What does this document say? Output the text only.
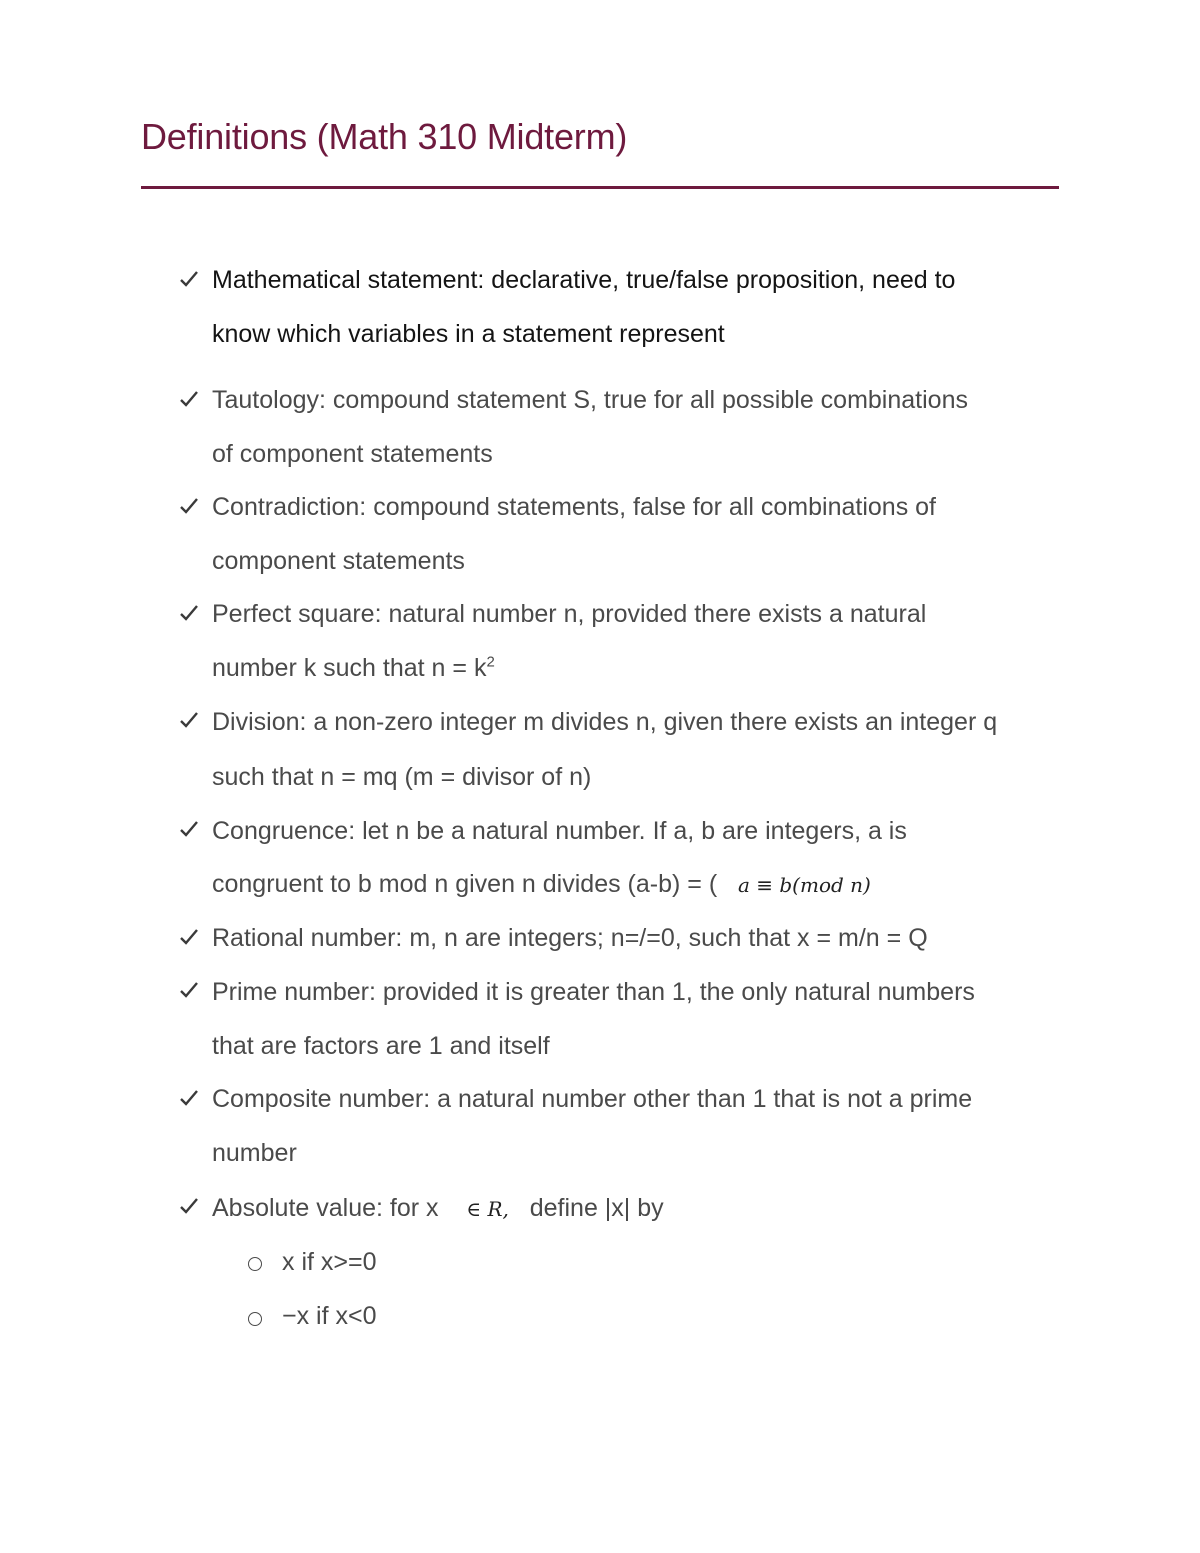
Definitions (Math 310 Midterm)
Mathematical statement: declarative, true/false proposition, need to
know which variables in a statement represent
Tautology: compound statement S, true for all possible combinations
of component statements
Contradiction: compound statements, false for all combinations of
component statements
Perfect square: natural number n, provided there exists a natural
number k such that $n = k^2$
Division: a non-zero integer m divides n, given there exists an integer q
such that n = mq (m = divisor of n)
Congruence: let n be a natural number. If a, b are integers, a is
congruent to b mod n given n divides (a-b) = ( a ≡ b(mod n)
Rational number: m, n are integers; n=/=0, such that x = m/n = Q
Prime number: provided it is greater than 1, the only natural numbers
that are factors are 1 and itself
Composite number: a natural number other than 1 that is not a prime
number
Absolute value: for x ∈ R, define |x| by
x if x>=0
−x if x<0
